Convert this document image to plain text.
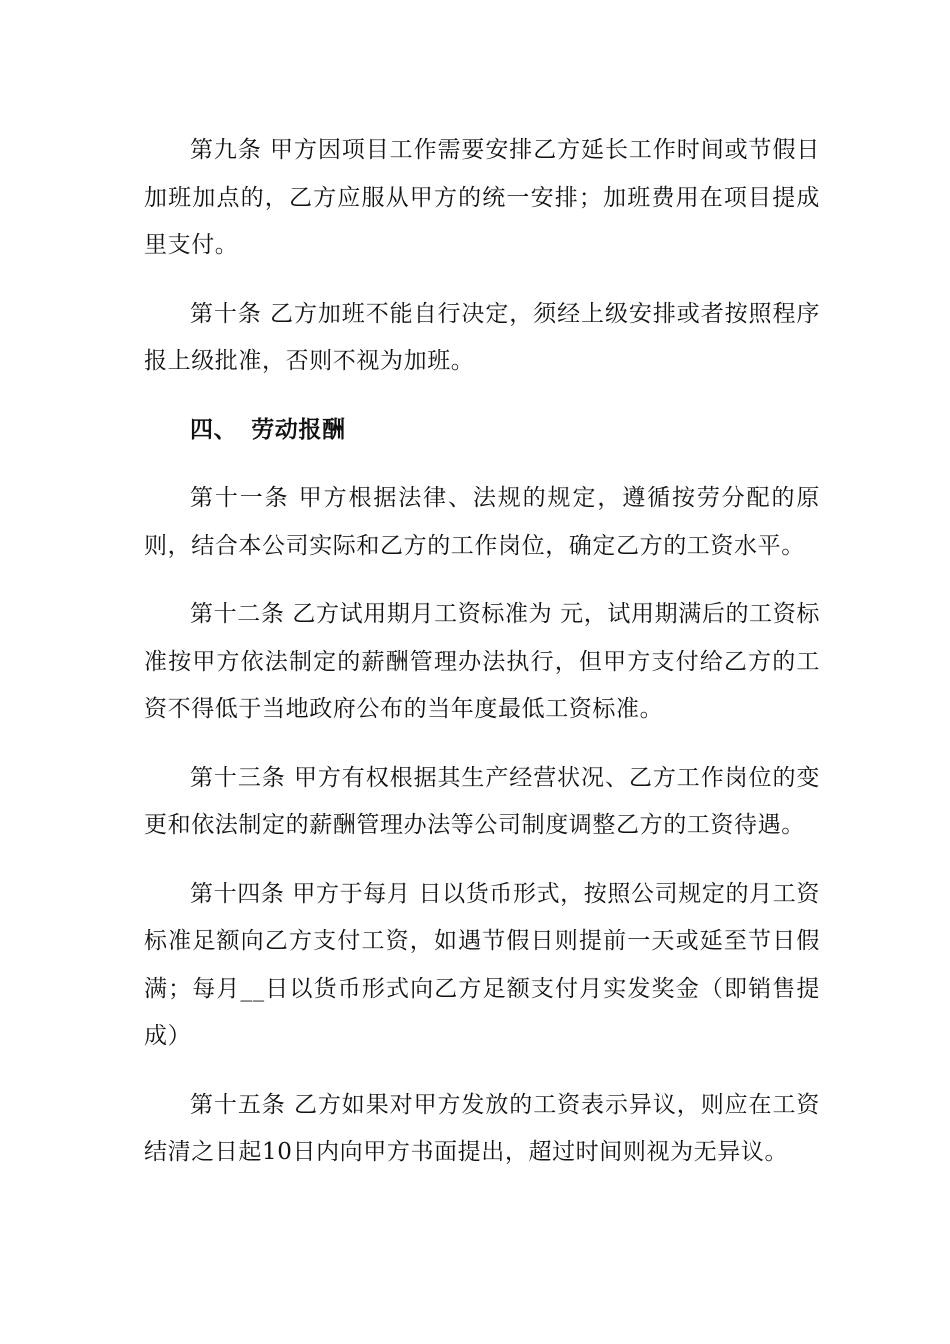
第九条 甲方因项目工作需要安排乙方延长工作时间或节假日加班加点的，乙方应服从甲方的统一安排；加班费用在项目提成里支付。

第十条 乙方加班不能自行决定，须经上级安排或者按照程序报上级批准，否则不视为加班。

四、 劳动报酬

第十一条 甲方根据法律、法规的规定，遵循按劳分配的原则，结合本公司实际和乙方的工作岗位，确定乙方的工资水平。

第十二条 乙方试用期月工资标准为 元，试用期满后的工资标准按甲方依法制定的薪酬管理办法执行，但甲方支付给乙方的工资不得低于当地政府公布的当年度最低工资标准。

第十三条 甲方有权根据其生产经营状况、乙方工作岗位的变更和依法制定的薪酬管理办法等公司制度调整乙方的工资待遇。

第十四条 甲方于每月 日以货币形式，按照公司规定的月工资标准足额向乙方支付工资，如遇节假日则提前一天或延至节日假满；每月__日以货币形式向乙方足额支付月实发奖金（即销售提成）

第十五条 乙方如果对甲方发放的工资表示异议，则应在工资结清之日起10日内向甲方书面提出，超过时间则视为无异议。
